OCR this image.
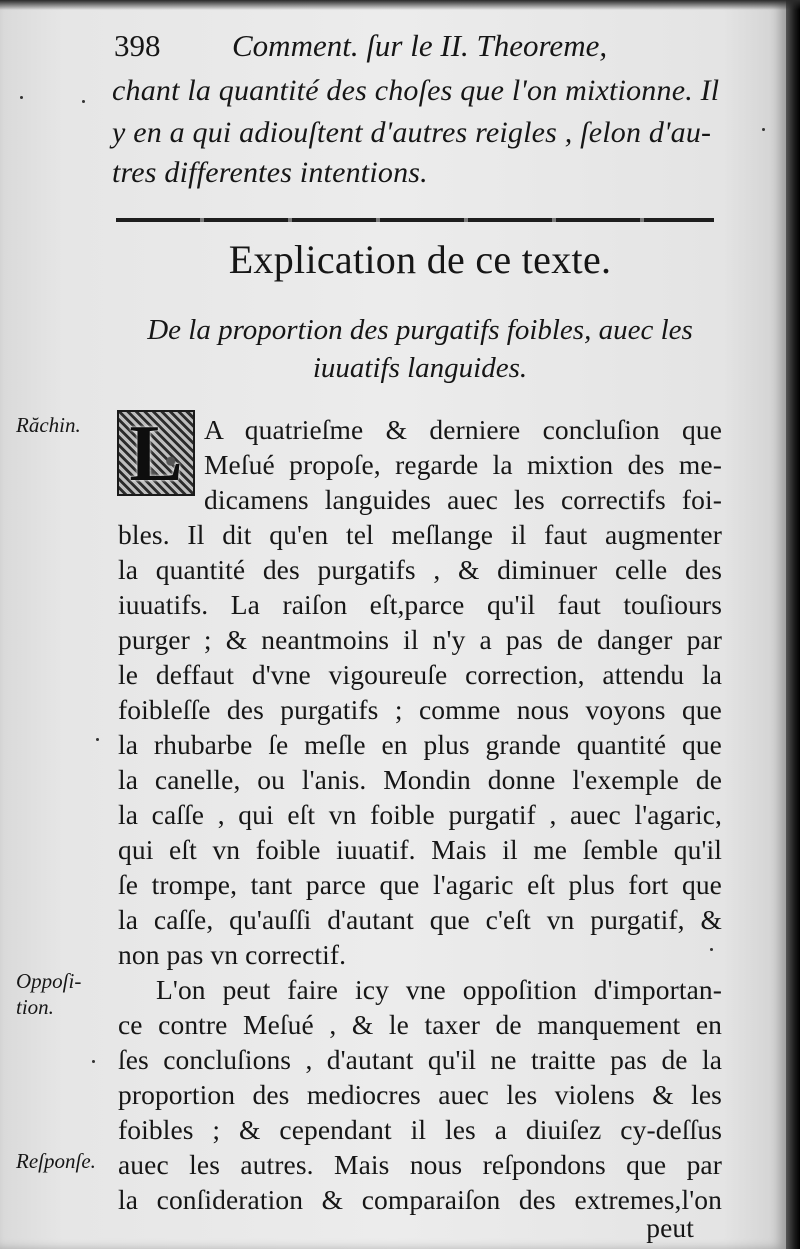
398 Comment. ſur le II. Theoreme,
chant la quantité des choſes que l'on mixtionne. Il
y en a qui adiouſtent d'autres reigles , ſelon d'au-
tres differentes intentions.
Explication de ce texte.
De la proportion des purgatifs foibles, auec les
iuuatifs languides.
Răchin.
Oppoſi-
tion.
Reſponſe.
L A quatrieſme & derniere concluſion que
Meſué propoſe, regarde la mixtion des me-
dicamens languides auec les correctifs foi-
bles. Il dit qu'en tel meſlange il faut augmenter
la quantité des purgatifs , & diminuer celle des
iuuatifs. La raiſon eſt,parce qu'il faut touſiours
purger ; & neantmoins il n'y a pas de danger par
le deffaut d'vne vigoureuſe correction, attendu la
foibleſſe des purgatifs ; comme nous voyons que
la rhubarbe ſe meſle en plus grande quantité que
la canelle, ou l'anis. Mondin donne l'exemple de
la caſſe , qui eſt vn foible purgatif , auec l'agaric,
qui eſt vn foible iuuatif. Mais il me ſemble qu'il
ſe trompe, tant parce que l'agaric eſt plus fort que
la caſſe, qu'auſſi d'autant que c'eſt vn purgatif, &
non pas vn correctif.
L'on peut faire icy vne oppoſition d'importan-
ce contre Meſué , & le taxer de manquement en
ſes concluſions , d'autant qu'il ne traitte pas de la
proportion des mediocres auec les violens & les
foibles ; & cependant il les a diuiſez cy-deſſus
auec les autres. Mais nous reſpondons que par
la conſideration & comparaiſon des extremes,l'on
peut
